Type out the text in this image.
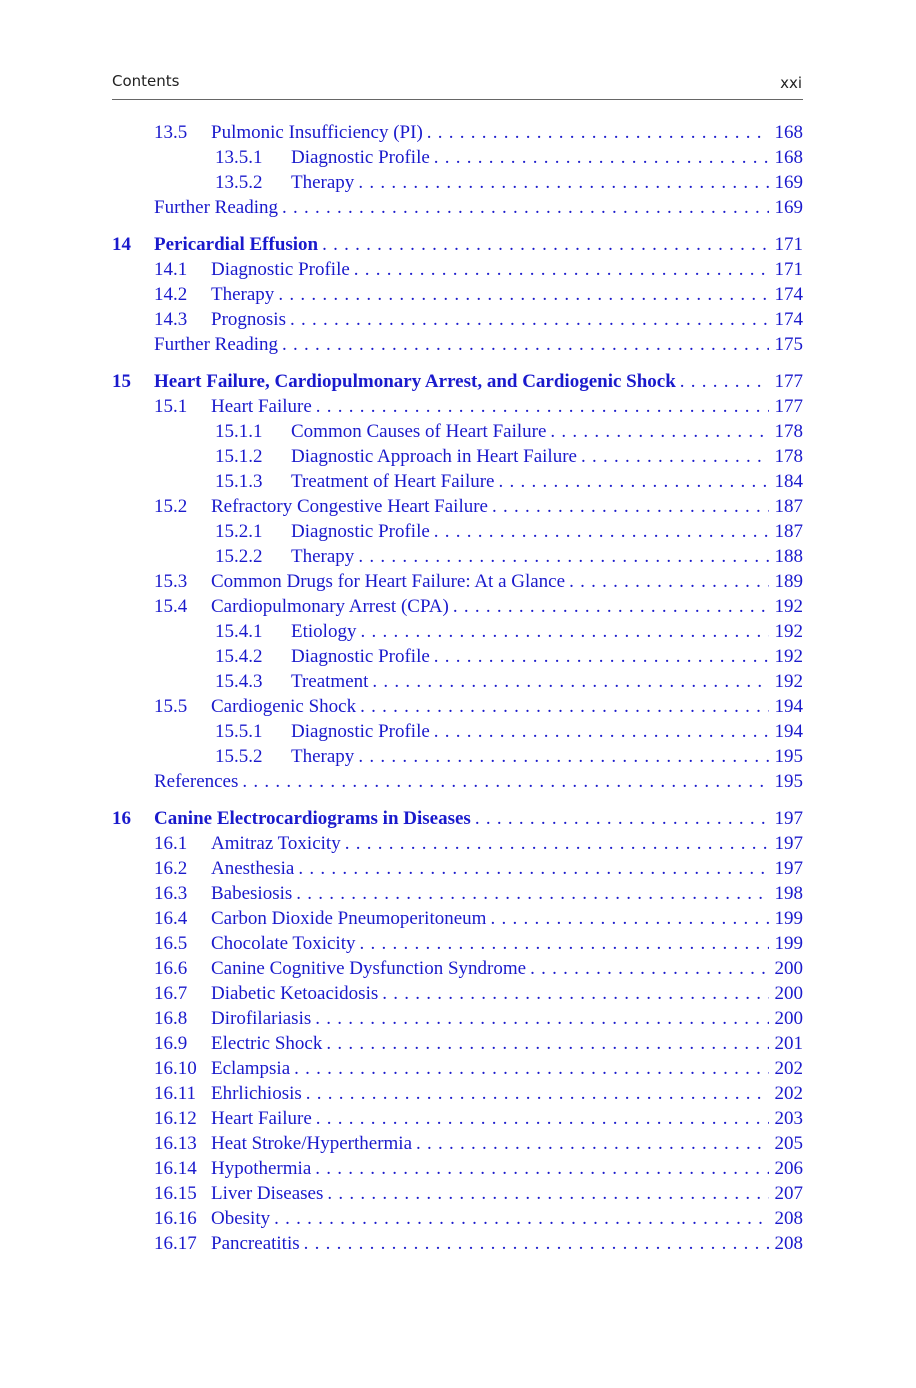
Contents	xxi
13.5 Pulmonic Insufficiency (PI) . . .	168
13.5.1 Diagnostic Profile . . .	168
13.5.2 Therapy . . .	169
Further Reading . . .	169
14 Pericardial Effusion . . .	171
14.1 Diagnostic Profile . . .	171
14.2 Therapy . . .	174
14.3 Prognosis . . .	174
Further Reading . . .	175
15 Heart Failure, Cardiopulmonary Arrest, and Cardiogenic Shock . . .	177
15.1 Heart Failure . . .	177
15.1.1 Common Causes of Heart Failure . . .	178
15.1.2 Diagnostic Approach in Heart Failure . . .	178
15.1.3 Treatment of Heart Failure . . .	184
15.2 Refractory Congestive Heart Failure . . .	187
15.2.1 Diagnostic Profile . . .	187
15.2.2 Therapy . . .	188
15.3 Common Drugs for Heart Failure: At a Glance . . .	189
15.4 Cardiopulmonary Arrest (CPA) . . .	192
15.4.1 Etiology . . .	192
15.4.2 Diagnostic Profile . . .	192
15.4.3 Treatment . . .	192
15.5 Cardiogenic Shock . . .	194
15.5.1 Diagnostic Profile . . .	194
15.5.2 Therapy . . .	195
References . . .	195
16 Canine Electrocardiograms in Diseases . . .	197
16.1 Amitraz Toxicity . . .	197
16.2 Anesthesia . . .	197
16.3 Babesiosis . . .	198
16.4 Carbon Dioxide Pneumoperitoneum . . .	199
16.5 Chocolate Toxicity . . .	199
16.6 Canine Cognitive Dysfunction Syndrome . . .	200
16.7 Diabetic Ketoacidosis . . .	200
16.8 Dirofilariasis . . .	200
16.9 Electric Shock . . .	201
16.10 Eclampsia . . .	202
16.11 Ehrlichiosis . . .	202
16.12 Heart Failure . . .	203
16.13 Heat Stroke/Hyperthermia . . .	205
16.14 Hypothermia . . .	206
16.15 Liver Diseases . . .	207
16.16 Obesity . . .	208
16.17 Pancreatitis . . .	208
